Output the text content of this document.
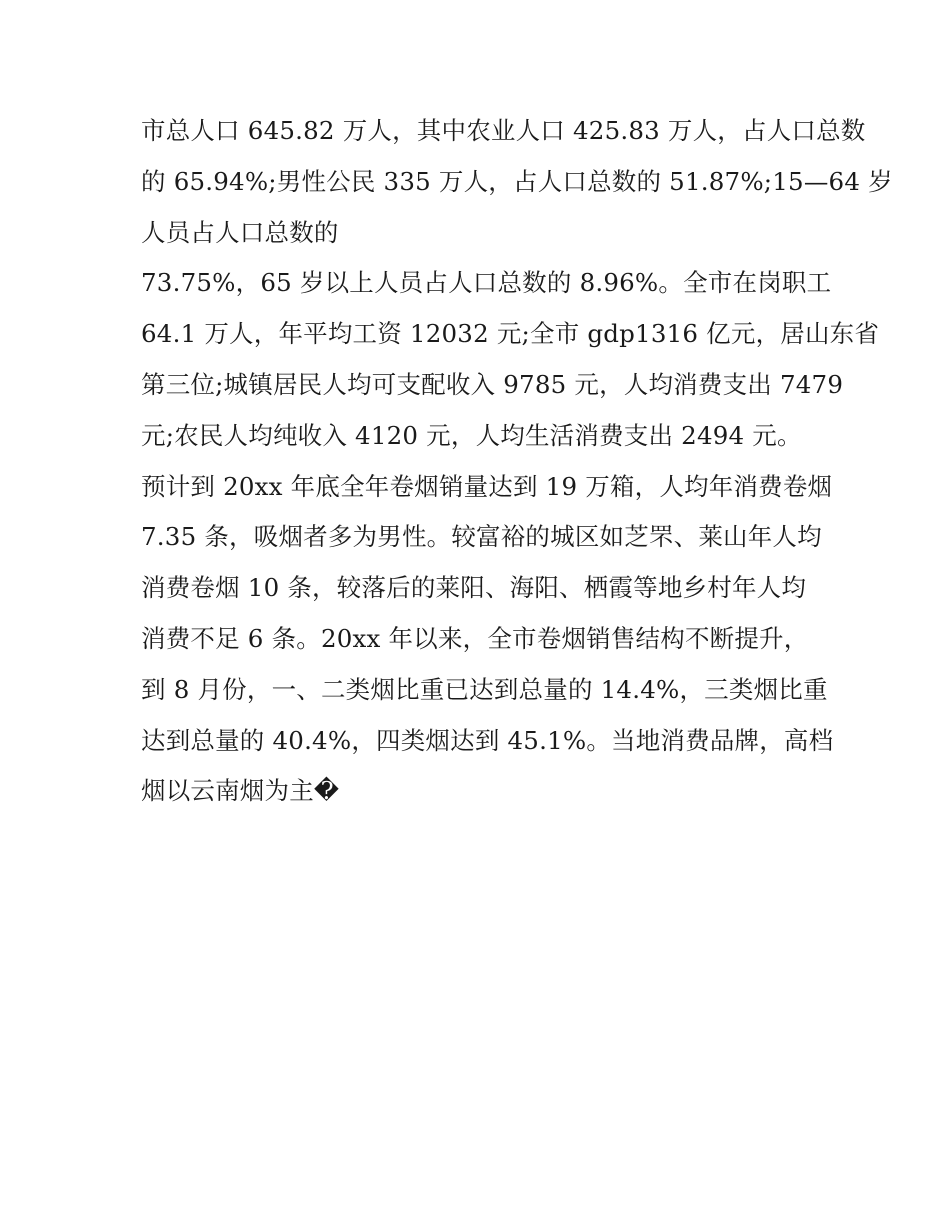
市总人口 645.82 万人，其中农业人口 425.83 万人，占人口总数
的 65.94%;男性公民 335 万人，占人口总数的 51.87%;15—64 岁
人员占人口总数的
73.75%，65 岁以上人员占人口总数的 8.96%。全市在岗职工
64.1 万人，年平均工资 12032 元;全市 gdp1316 亿元，居山东省
第三位;城镇居民人均可支配收入 9785 元，人均消费支出 7479
元;农民人均纯收入 4120 元，人均生活消费支出 2494 元。
预计到 20xx 年底全年卷烟销量达到 19 万箱，人均年消费卷烟
7.35 条，吸烟者多为男性。较富裕的城区如芝罘、莱山年人均
消费卷烟 10 条，较落后的莱阳、海阳、栖霞等地乡村年人均
消费不足 6 条。20xx 年以来，全市卷烟销售结构不断提升，
到 8 月份，一、二类烟比重已达到总量的 14.4%，三类烟比重
达到总量的 40.4%，四类烟达到 45.1%。当地消费品牌，高档
烟以云南烟为主�
